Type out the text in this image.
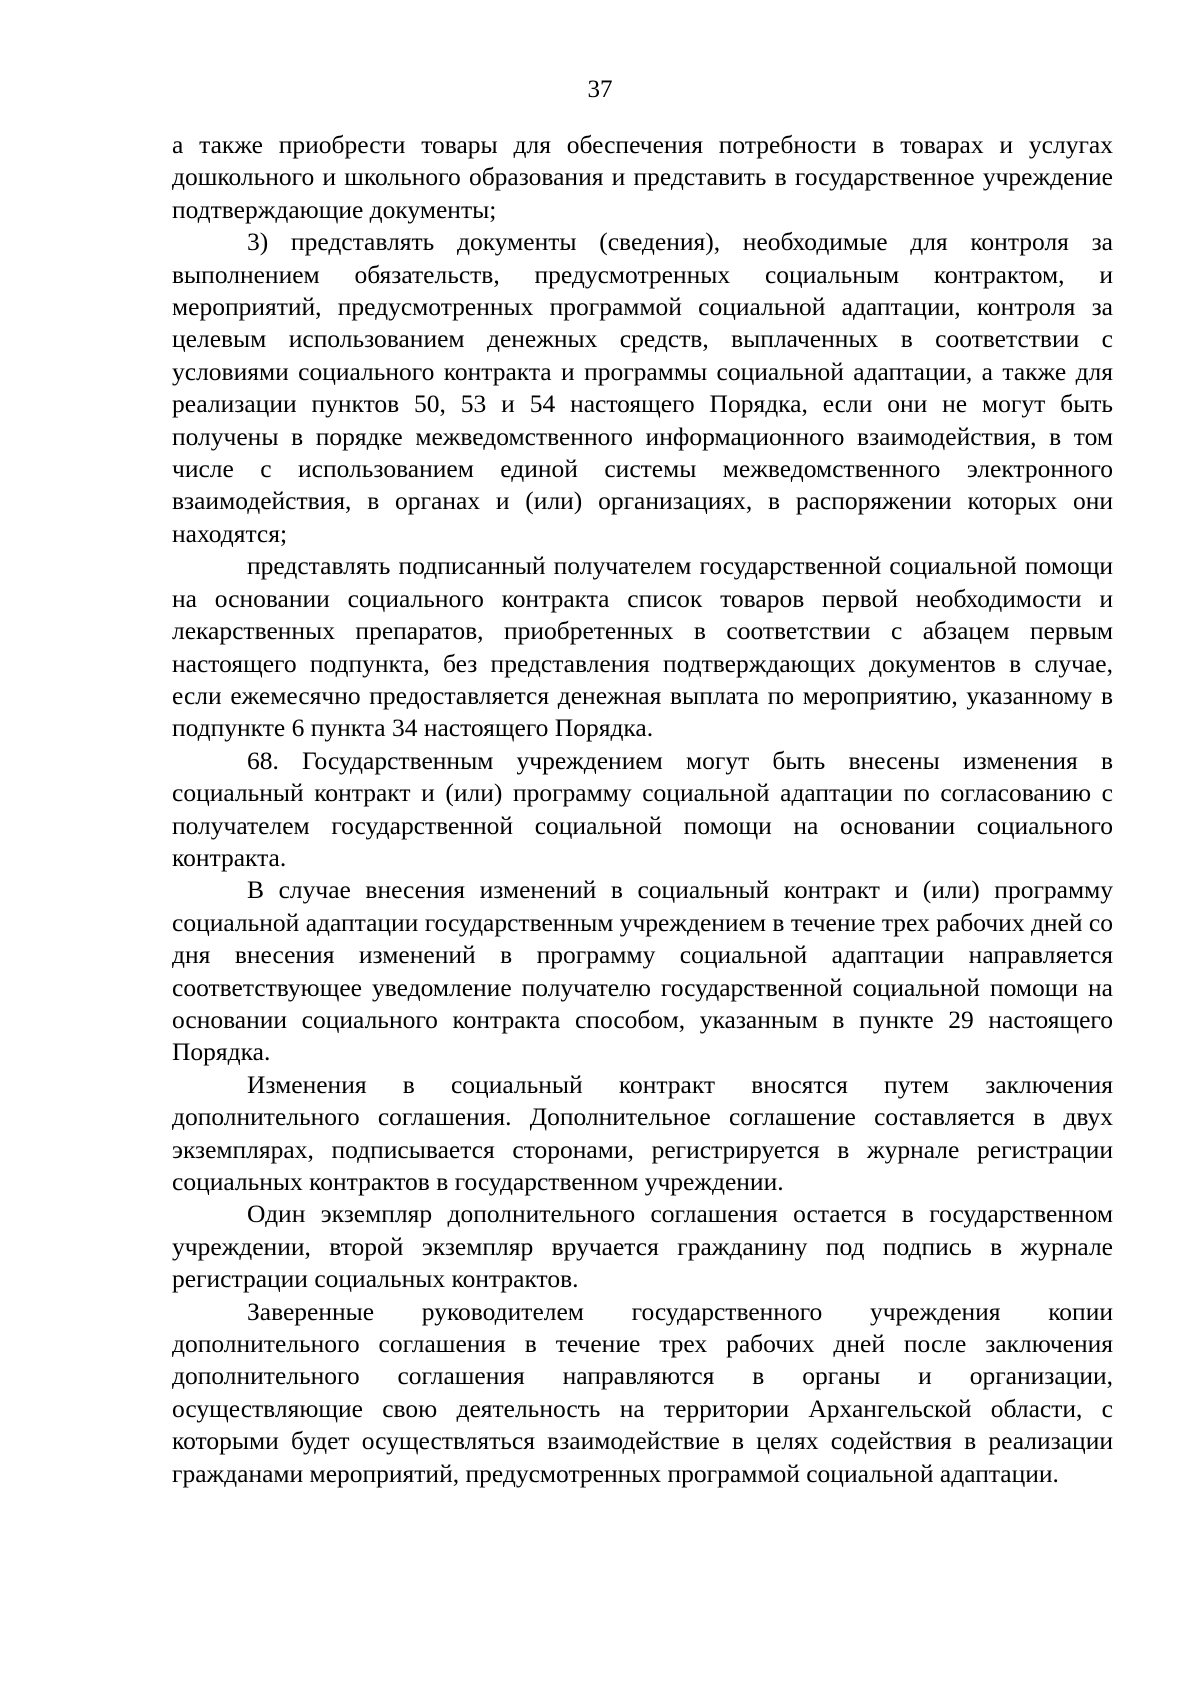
37

а также приобрести товары для обеспечения потребности в товарах и услугах дошкольного и школьного образования и представить в государственное учреждение подтверждающие документы;

3) представлять документы (сведения), необходимые для контроля за выполнением обязательств, предусмотренных социальным контрактом, и мероприятий, предусмотренных программой социальной адаптации, контроля за целевым использованием денежных средств, выплаченных в соответствии с условиями социального контракта и программы социальной адаптации, а также для реализации пунктов 50, 53 и 54 настоящего Порядка, если они не могут быть получены в порядке межведомственного информационного взаимодействия, в том числе с использованием единой системы межведомственного электронного взаимодействия, в органах и (или) организациях, в распоряжении которых они находятся;

представлять подписанный получателем государственной социальной помощи на основании социального контракта список товаров первой необходимости и лекарственных препаратов, приобретенных в соответствии с абзацем первым настоящего подпункта, без представления подтверждающих документов в случае, если ежемесячно предоставляется денежная выплата по мероприятию, указанному в подпункте 6 пункта 34 настоящего Порядка.

68. Государственным учреждением могут быть внесены изменения в социальный контракт и (или) программу социальной адаптации по согласованию с получателем государственной социальной помощи на основании социального контракта.

В случае внесения изменений в социальный контракт и (или) программу социальной адаптации государственным учреждением в течение трех рабочих дней со дня внесения изменений в программу социальной адаптации направляется соответствующее уведомление получателю государственной социальной помощи на основании социального контракта способом, указанным в пункте 29 настоящего Порядка.

Изменения в социальный контракт вносятся путем заключения дополнительного соглашения. Дополнительное соглашение составляется в двух экземплярах, подписывается сторонами, регистрируется в журнале регистрации социальных контрактов в государственном учреждении.

Один экземпляр дополнительного соглашения остается в государственном учреждении, второй экземпляр вручается гражданину под подпись в журнале регистрации социальных контрактов.

Заверенные руководителем государственного учреждения копии дополнительного соглашения в течение трех рабочих дней после заключения дополнительного соглашения направляются в органы и организации, осуществляющие свою деятельность на территории Архангельской области, с которыми будет осуществляться взаимодействие в целях содействия в реализации гражданами мероприятий, предусмотренных программой социальной адаптации.
